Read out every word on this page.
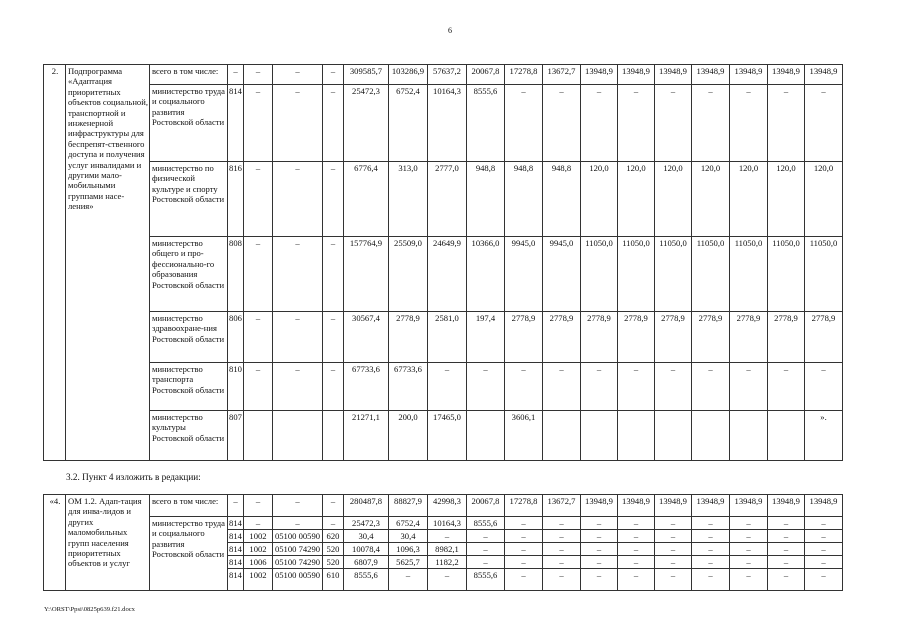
6
2.	Подпрограмма «Адаптация приоритетных объектов социальной, транспортной и инженерной инфраструктуры для беспрепят-ственного доступа и получения услуг инвалидами и другими мало-мобильными группами насе-ления»	всего в том числе:	–	–	–	–	309585,7	103286,9	57637,2	20067,8	17278,8	13672,7	13948,9	13948,9	13948,9	13948,9	13948,9	13948,9	13948,9
		министерство труда и социального развития Ростовской области	814	–	–	–	25472,3	6752,4	10164,3	8555,6	–	–	–	–	–	–	–	–	–
		министерство по физической культуре и спорту Ростовской области	816	–	–	–	6776,4	313,0	2777,0	948,8	948,8	948,8	120,0	120,0	120,0	120,0	120,0	120,0	120,0
		министерство общего и про-фессионально-го образования Ростовской области	808	–	–	–	157764,9	25509,0	24649,9	10366,0	9945,0	9945,0	11050,0	11050,0	11050,0	11050,0	11050,0	11050,0	11050,0
		министерство здравоохране-ния Ростовской области	806	–	–	–	30567,4	2778,9	2581,0	197,4	2778,9	2778,9	2778,9	2778,9	2778,9	2778,9	2778,9	2778,9	2778,9
		министерство транспорта Ростовской области	810	–	–	–	67733,6	67733,6	–	–	–	–	–	–	–	–	–	–	–
		министерство культуры Ростовской области	807				21271,1	200,0	17465,0		3606,1								».
3.2. Пункт 4 изложить в редакции:
«4.	ОМ 1.2. Адап-тация для инва-лидов и других маломобильных групп населения приоритетных объектов и услуг	всего в том числе:	–	–	–	–	280487,8	88827,9	42998,3	20067,8	17278,8	13672,7	13948,9	13948,9	13948,9	13948,9	13948,9	13948,9	13948,9
		министерство труда и социального развития Ростовской области	814	–	–	–	25472,3	6752,4	10164,3	8555,6	–	–	–	–	–	–	–	–	–
			814	1002	05100 00590	620	30,4	30,4	–	–	–	–	–	–	–	–	–	–	–
			814	1002	05100 74290	520	10078,4	1096,3	8982,1	–	–	–	–	–	–	–	–	–	–
			814	1006	05100 74290	520	6807,9	5625,7	1182,2	–	–	–	–	–	–	–	–	–	–
			814	1002	05100 00590	610	8555,6	–	–	8555,6	–	–	–	–	–	–	–	–	–
Y:\ORST\Ppsi\0825p639.f21.docx
